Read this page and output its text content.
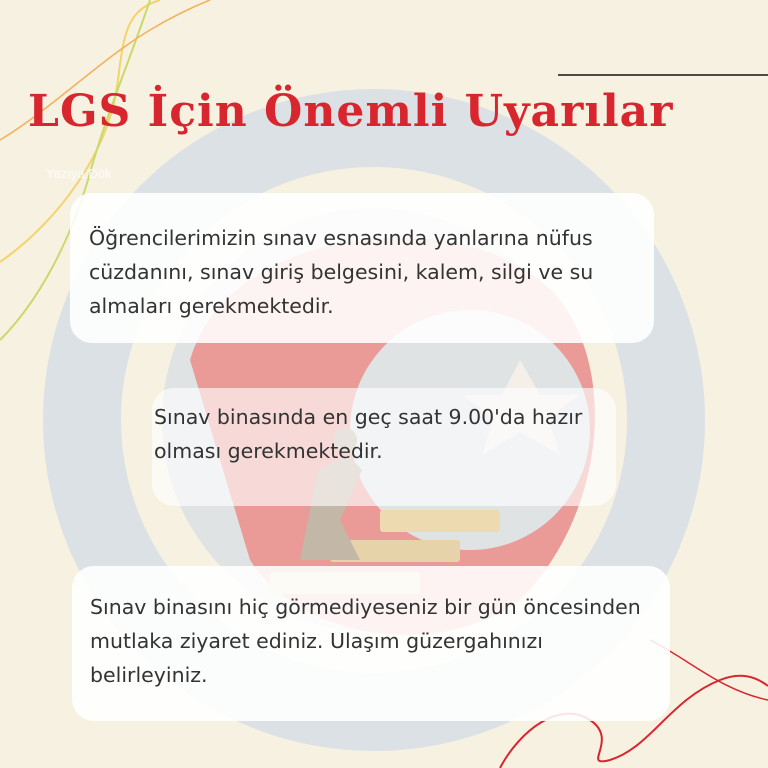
LGS İçin Önemli Uyarılar
Yazıya Dök

Öğrencilerimizin sınav esnasında yanlarına nüfus cüzdanını, sınav giriş belgesini, kalem, silgi ve su almaları gerekmektedir.

Sınav binasında en geç saat 9.00'da hazır olması gerekmektedir.

Sınav binasını hiç görmediyeseniz bir gün öncesinden mutlaka ziyaret ediniz. Ulaşım güzergahınızı belirleyiniz.
